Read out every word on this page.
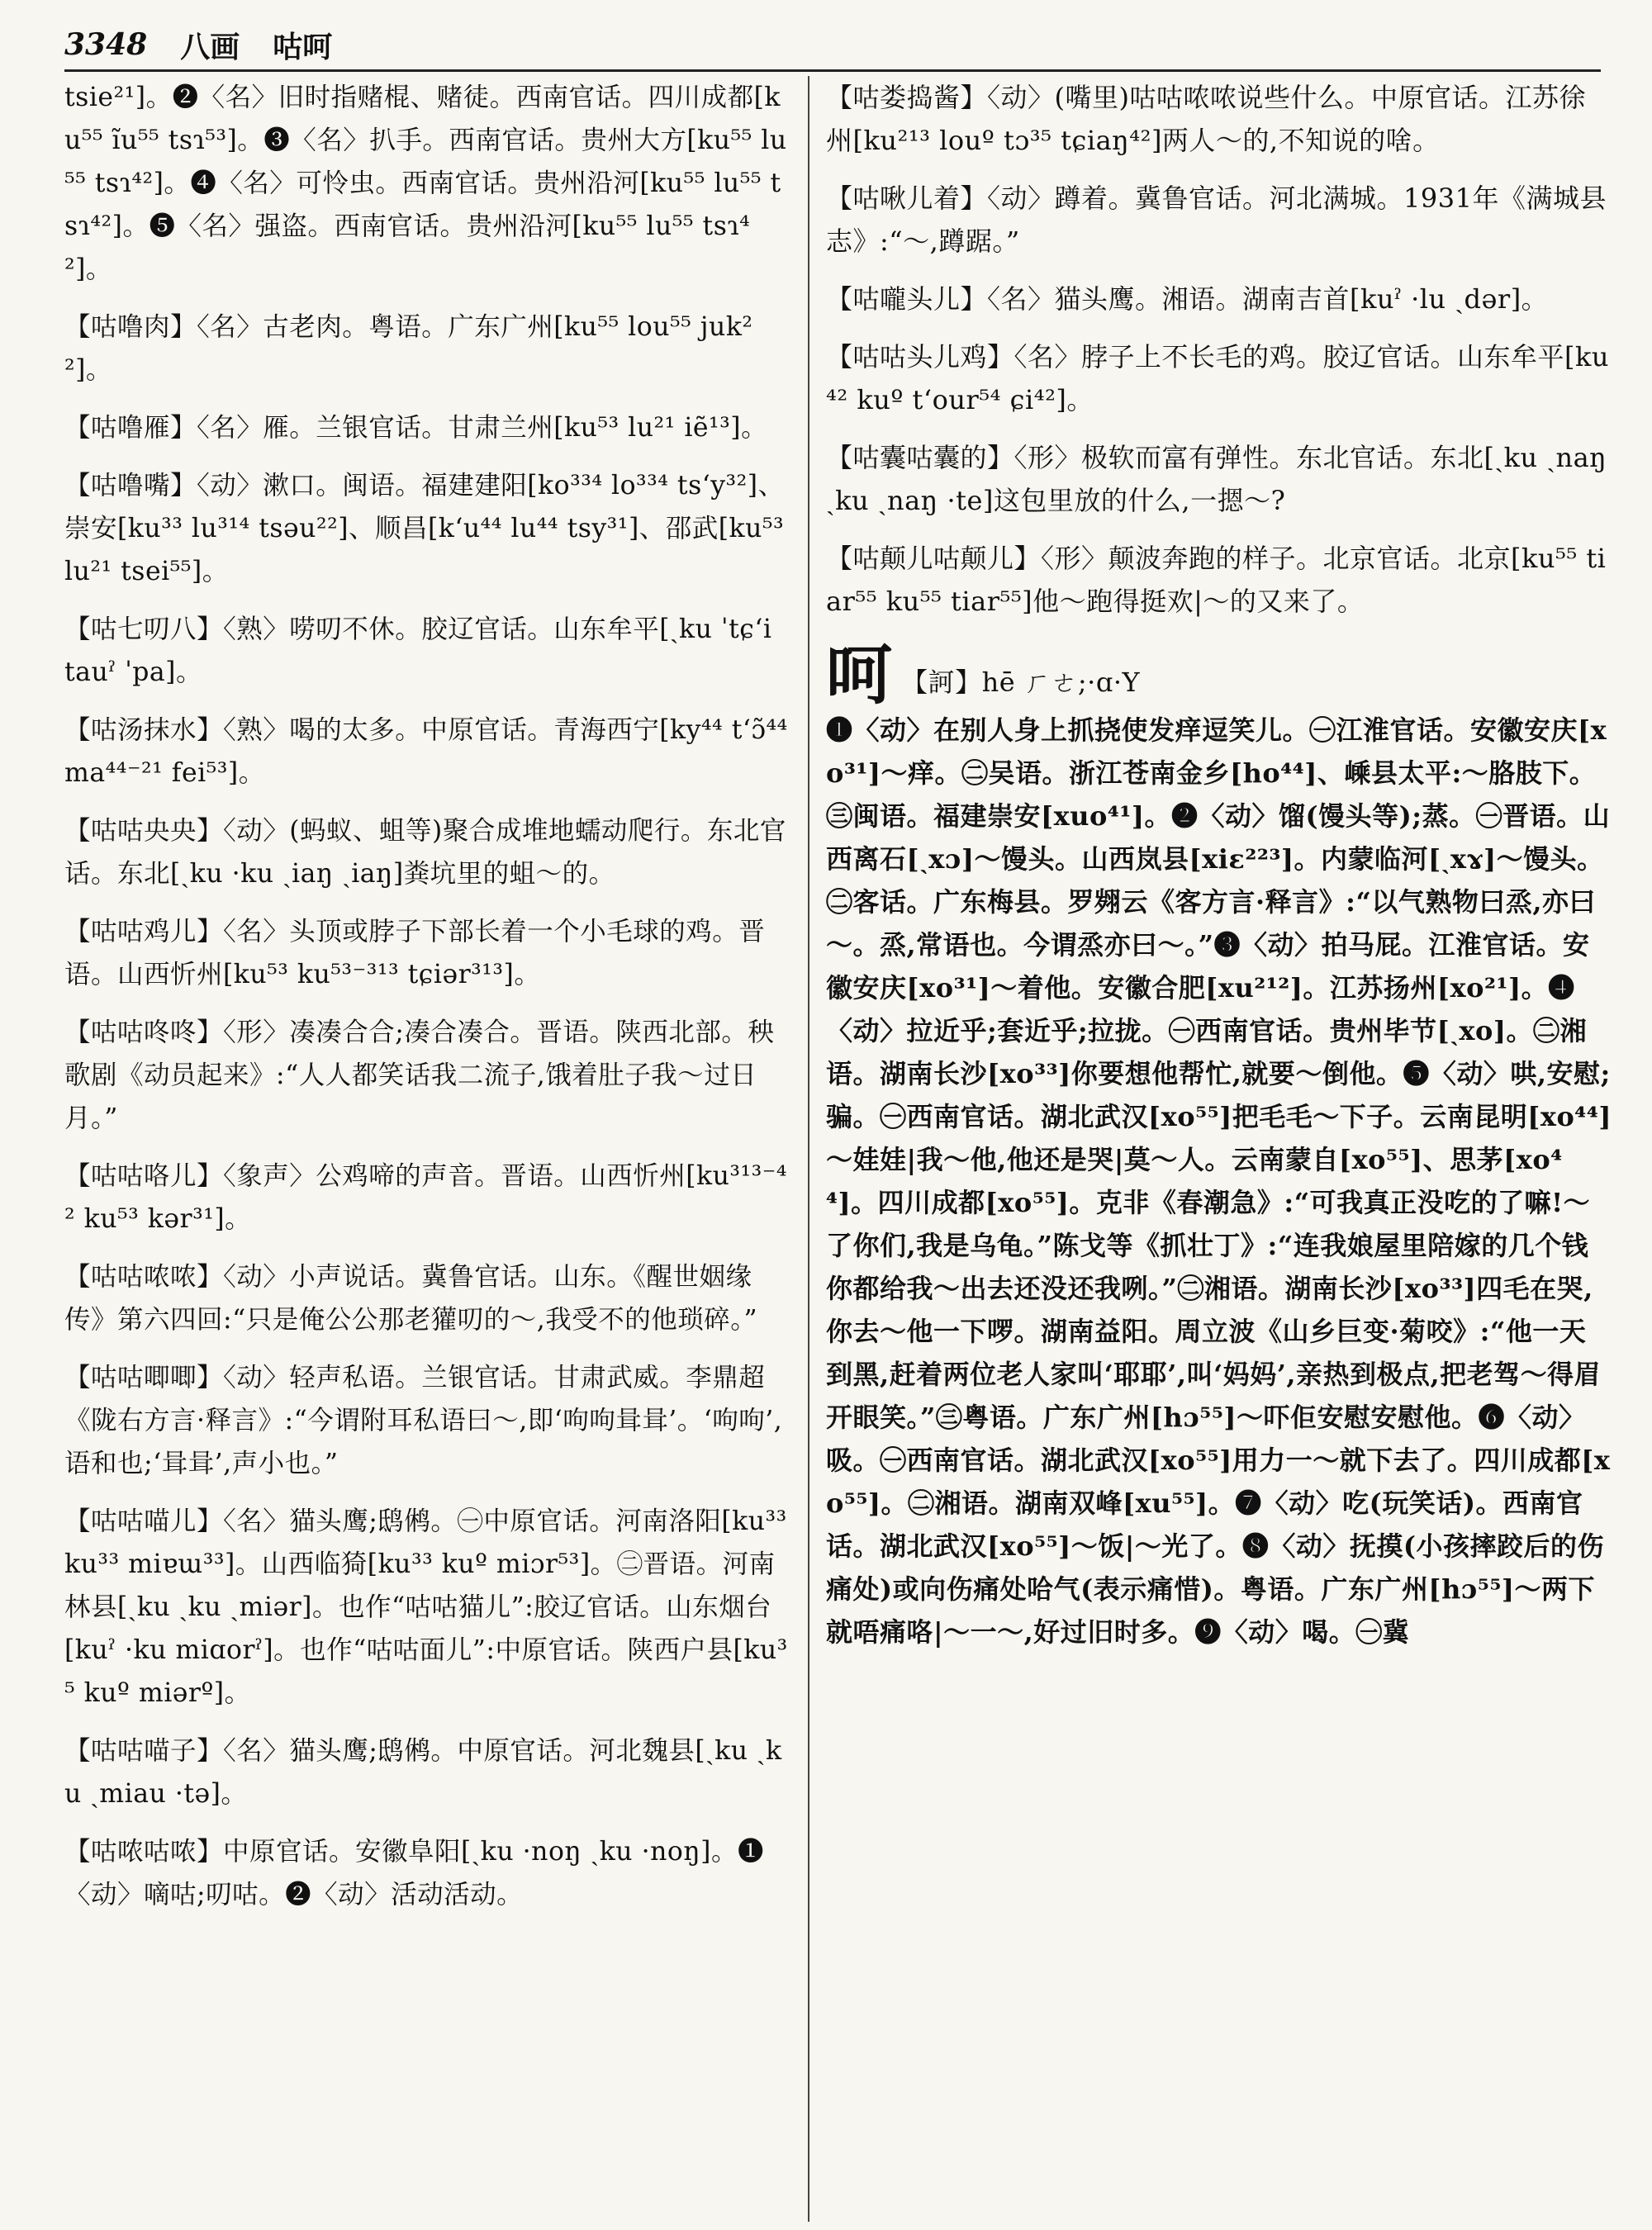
3348 八画 咕呵

tsie²¹]。❷〈名〉旧时指赌棍、赌徒。西南官话。四川成都[ku⁵⁵ ĩu⁵⁵ tsɿ⁵³]。❸〈名〉扒手。西南官话。贵州大方[ku⁵⁵ lu⁵⁵ tsɿ⁴²]。❹〈名〉可怜虫。西南官话。贵州沿河[ku⁵⁵ lu⁵⁵ tsɿ⁴²]。❺〈名〉强盗。西南官话。贵州沿河[ku⁵⁵ lu⁵⁵ tsɿ⁴²]。

【咕噜肉】〈名〉古老肉。粤语。广东广州[ku⁵⁵ lou⁵⁵ juk²²]。

【咕噜雁】〈名〉雁。兰银官话。甘肃兰州[ku⁵³ lu²¹ iẽ¹³]。

【咕噜嘴】〈动〉漱口。闽语。福建建阳[ko³³⁴ lo³³⁴ ts‘y³²]、崇安[ku³³ lu³¹⁴ tsəu²²]、顺昌[k‘u⁴⁴ lu⁴⁴ tsy³¹]、邵武[ku⁵³ lu²¹ tsei⁵⁵]。

【咕七叨八】〈熟〉唠叨不休。胶辽官话。山东牟平[ˎku ˈtɕ‘i tauˀ ˈpa]。

【咕汤抹水】〈熟〉喝的太多。中原官话。青海西宁[ky⁴⁴ t‘ɔ̃⁴⁴ ma⁴⁴⁻²¹ fei⁵³]。

【咕咕央央】〈动〉(蚂蚁、蛆等)聚合成堆地蠕动爬行。东北官话。东北[ˎku ·ku ˎiaŋ ˎiaŋ]粪坑里的蛆～的。

【咕咕鸡儿】〈名〉头顶或脖子下部长着一个小毛球的鸡。晋语。山西忻州[ku⁵³ ku⁵³⁻³¹³ tɕiər³¹³]。

【咕咕咚咚】〈形〉凑凑合合;凑合凑合。晋语。陕西北部。秧歌剧《动员起来》:“人人都笑话我二流子,饿着肚子我～过日月。”

【咕咕咯儿】〈象声〉公鸡啼的声音。晋语。山西忻州[ku³¹³⁻⁴² ku⁵³ kər³¹]。

【咕咕哝哝】〈动〉小声说话。冀鲁官话。山东。《醒世姻缘传》第六四回:“只是俺公公那老獾叨的～,我受不的他琐碎。”

【咕咕唧唧】〈动〉轻声私语。兰银官话。甘肃武威。李鼎超《陇右方言·释言》:“今谓附耳私语曰～,即‘呴呴咠咠’。‘呴呴’,语和也;‘咠咠’,声小也。”

【咕咕喵儿】〈名〉猫头鹰;鸱鸺。㊀中原官话。河南洛阳[ku³³ ku³³ miɐɯ³³]。山西临猗[ku³³ kuº miɔr⁵³]。㊁晋语。河南林县[ˎku ˎku ˎmiər]。也作“咕咕猫儿”:胶辽官话。山东烟台[kuˀ ·ku miɑorˀ]。也作“咕咕面儿”:中原官话。陕西户县[ku³⁵ kuº miərº]。

【咕咕喵子】〈名〉猫头鹰;鸱鸺。中原官话。河北魏县[ˎku ˎku ˎmiau ·tə]。

【咕哝咕哝】中原官话。安徽阜阳[ˎku ·noŋ ˎku ·noŋ]。❶〈动〉嘀咕;叨咕。❷〈动〉活动活动。

【咕娄捣酱】〈动〉(嘴里)咕咕哝哝说些什么。中原官话。江苏徐州[ku²¹³ louº tɔ³⁵ tɕiaŋ⁴²]两人～的,不知说的啥。

【咕啾儿着】〈动〉蹲着。冀鲁官话。河北满城。1931年《满城县志》:“～,蹲踞。”

【咕嚨头儿】〈名〉猫头鹰。湘语。湖南吉首[kuˀ ·lu ˎdər]。

【咕咕头儿鸡】〈名〉脖子上不长毛的鸡。胶辽官话。山东牟平[ku⁴² kuº t‘our⁵⁴ ɕi⁴²]。

【咕囊咕囊的】〈形〉极软而富有弹性。东北官话。东北[ˎku ˎnaŋ ˎku ˎnaŋ ·te]这包里放的什么,一摁～?

【咕颠儿咕颠儿】〈形〉颠波奔跑的样子。北京官话。北京[ku⁵⁵ tiar⁵⁵ ku⁵⁵ tiar⁵⁵]他～跑得挺欢|～的又来了。

呵 【訶】hē ㄏㄜ;·ɑ·Y

❶〈动〉在别人身上抓挠使发痒逗笑儿。㊀江淮官话。安徽安庆[xo³¹]～痒。㊁吴语。浙江苍南金乡[ho⁴⁴]、嵊县太平:～胳肢下。㊂闽语。福建崇安[xuo⁴¹]。❷〈动〉馏(馒头等);蒸。㊀晋语。山西离石[ˎxɔ]～馒头。山西岚县[xiɛ²²³]。内蒙临河[ˎxɤ]～馒头。㊁客话。广东梅县。罗翙云《客方言·释言》:“以气熟物曰烝,亦曰～。烝,常语也。今谓烝亦曰～。”❸〈动〉拍马屁。江淮官话。安徽安庆[xo³¹]～着他。安徽合肥[xu²¹²]。江苏扬州[xo²¹]。❹〈动〉拉近乎;套近乎;拉拢。㊀西南官话。贵州毕节[ˎxo]。㊁湘语。湖南长沙[xo³³]你要想他帮忙,就要～倒他。❺〈动〉哄,安慰;骗。㊀西南官话。湖北武汉[xo⁵⁵]把毛毛～下子。云南昆明[xo⁴⁴]～娃娃|我～他,他还是哭|莫～人。云南蒙自[xo⁵⁵]、思茅[xo⁴⁴]。四川成都[xo⁵⁵]。克非《春潮急》:“可我真正没吃的了嘛!～了你们,我是乌龟。”陈戈等《抓壮丁》:“连我娘屋里陪嫁的几个钱你都给我～出去还没还我咧。”㊁湘语。湖南长沙[xo³³]四毛在哭,你去～他一下啰。湖南益阳。周立波《山乡巨变·菊咬》:“他一天到黑,赶着两位老人家叫‘耶耶’,叫‘妈妈’,亲热到极点,把老驾～得眉开眼笑。”㊂粤语。广东广州[hɔ⁵⁵]～吓佢安慰安慰他。❻〈动〉吸。㊀西南官话。湖北武汉[xo⁵⁵]用力一～就下去了。四川成都[xo⁵⁵]。㊁湘语。湖南双峰[xu⁵⁵]。❼〈动〉吃(玩笑话)。西南官话。湖北武汉[xo⁵⁵]～饭|～光了。❽〈动〉抚摸(小孩摔跤后的伤痛处)或向伤痛处哈气(表示痛惜)。粤语。广东广州[hɔ⁵⁵]～两下就唔痛咯|～一～,好过旧时多。❾〈动〉喝。㊀冀
